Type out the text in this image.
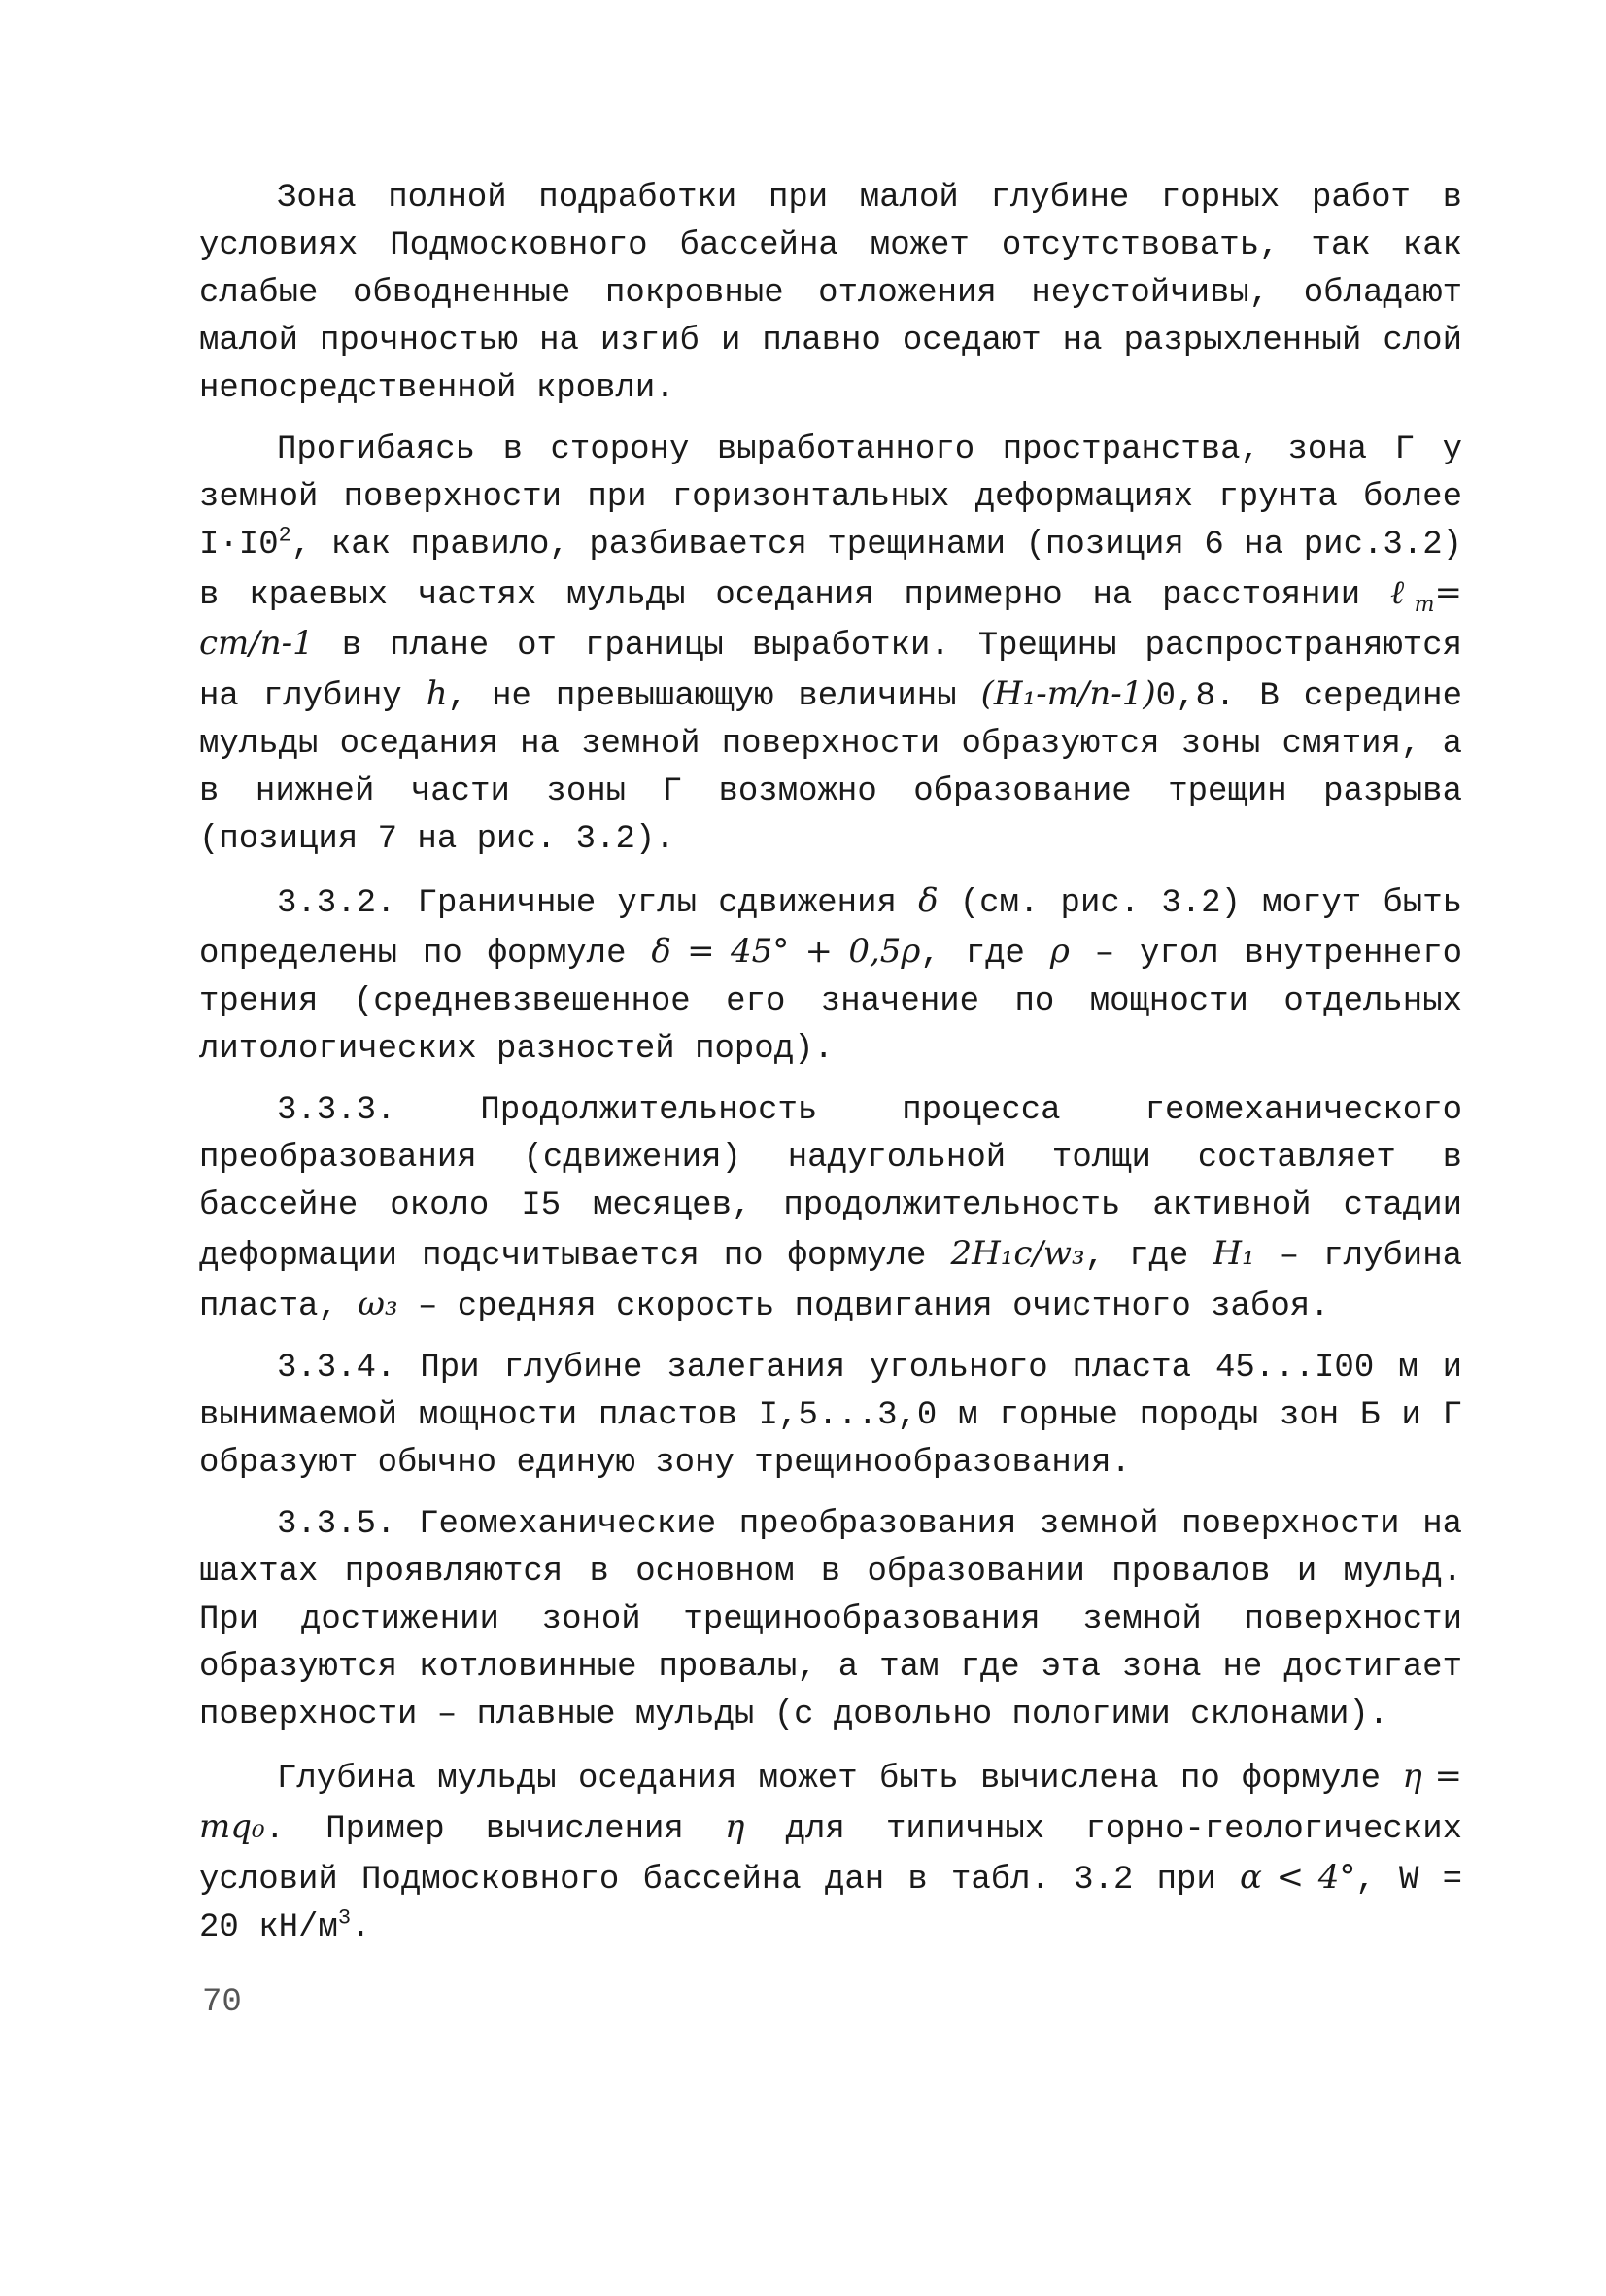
Зона полной подработки при малой глубине горных работ в условиях Подмосковного бассейна может отсутствовать, так как слабые обводненные покровные отложения неустойчивы, обладают малой прочностью на изгиб и плавно оседают на разрыхленный слой непосредственной кровли.

Прогибаясь в сторону выработанного пространства, зона Г у земной поверхности при горизонтальных деформациях грунта более $I\cdot I0^2$, как правило, разбивается трещинами (позиция 6 на рис.3.2) в краевых частях мульды оседания примерно на расстоянии ℓ$_т$= cm/n-1 в плане от границы выработки. Трещины распространяются на глубину h, не превышающую величины (H₁-m/n-1)0,8. В середине мульды оседания на земной поверхности образуются зоны смятия, а в нижней части зоны Г возможно образование трещин разрыва (позиция 7 на рис. 3.2).

3.3.2. Граничные углы сдвижения δ (см. рис. 3.2) могут быть определены по формуле δ = 45° + 0,5ρ, где ρ – угол внутреннего трения (средневзвешенное его значение по мощности отдельных литологических разностей пород).

3.3.3. Продолжительность процесса геомеханического преобразования (сдвижения) надугольной толщи составляет в бассейне около I5 месяцев, продолжительность активной стадии деформации подсчитывается по формуле 2H₁c/w₃, где H₁ – глубина пласта, ω₃ – средняя скорость подвигания очистного забоя.

3.3.4. При глубине залегания угольного пласта 45...I00 м и вынимаемой мощности пластов I,5...3,0 м горные породы зон Б и Г образуют обычно единую зону трещинообразования.

3.3.5. Геомеханические преобразования земной поверхности на шахтах проявляются в основном в образовании провалов и мульд. При достижении зоной трещинообразования земной поверхности образуются котловинные провалы, а там где эта зона не достигает поверхности – плавные мульды (с довольно пологими склонами).

Глубина мульды оседания может быть вычислена по формуле η = mq₀. Пример вычисления η для типичных горно-геологических условий Подмосковного бассейна дан в табл. 3.2 при α < 4°, W = 20 $кН/м^3$.

70
